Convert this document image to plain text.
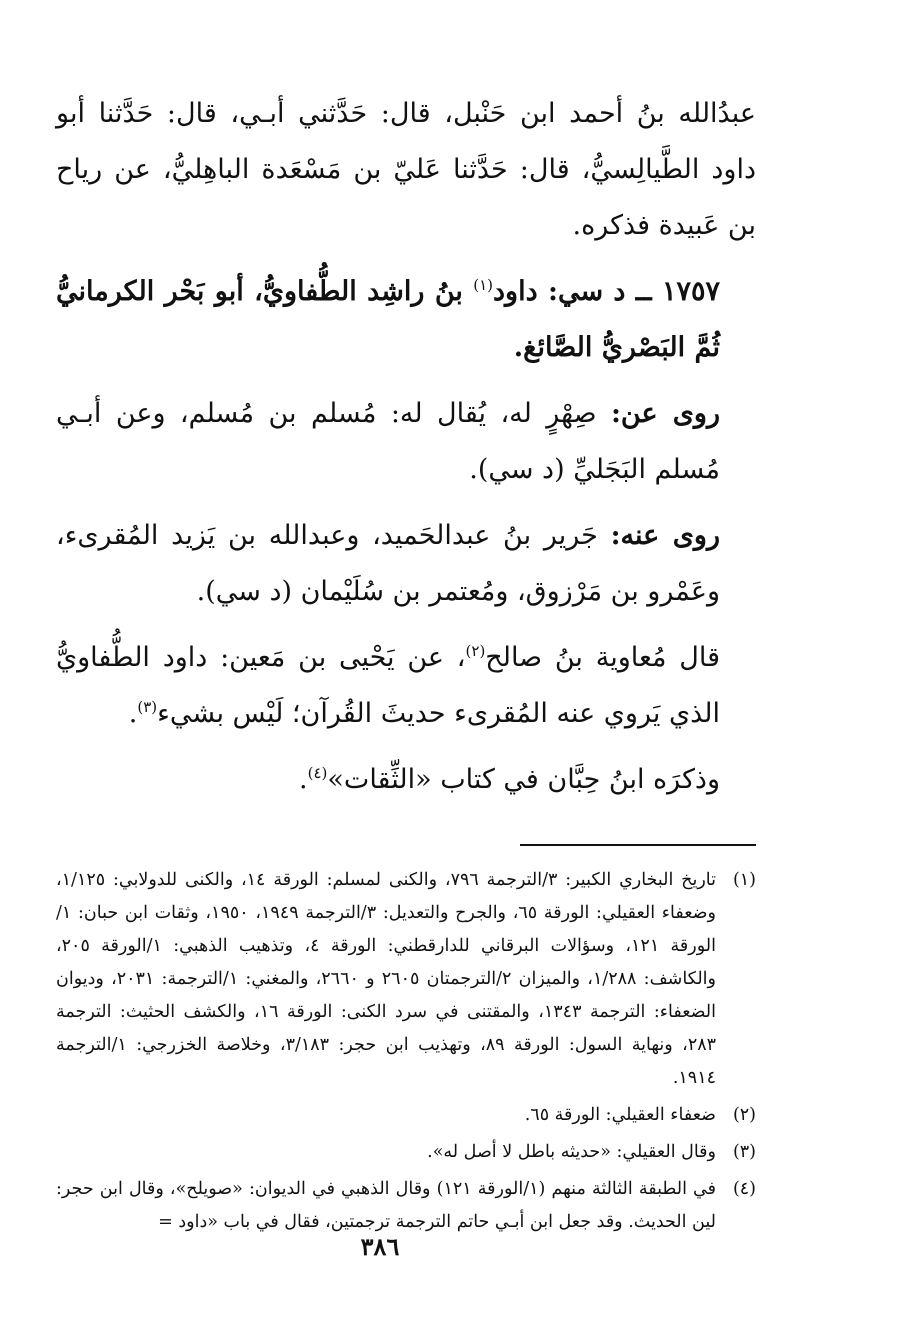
عبدُالله بنُ أحمد ابن حَنْبل، قال: حَدَّثني أبـي، قال: حَدَّثنا أبو داود الطَّيالِسيُّ، قال: حَدَّثنا عَليّ بن مَسْعَدة الباهِليُّ، عن رياح بن عَبيدة فذكره.

١٧٥٧ ــ د سي: داود$^{(١)}$ بنُ راشِد الطُّفاويُّ، أبو بَحْر الكرمانيُّ ثُمَّ البَصْريُّ الصَّائغ.

روى عن: صِهْرٍ له، يُقال له: مُسلم بن مُسلم، وعن أبـي مُسلم البَجَليِّ (د سي).

روى عنه: جَرير بنُ عبدالحَميد، وعبدالله بن يَزيد المُقرىء، وعَمْرو بن مَرْزوق، ومُعتمر بن سُلَيْمان (د سي).

قال مُعاوية بنُ صالح$^{(٢)}$، عن يَحْيى بن مَعين: داود الطُّفاويُّ الذي يَروي عنه المُقرىء حديثَ القُرآن؛ لَيْس بشيء$^{(٣)}$.

وذكرَه ابنُ حِبَّان في كتاب «الثِّقات»$^{(٤)}$.

(١)
تاريخ البخاري الكبير: ٣/الترجمة ٧٩٦، والكنى لمسلم: الورقة ١٤، والكنى للدولابي: ١/١٢٥، وضعفاء العقيلي: الورقة ٦٥، والجرح والتعديل: ٣/الترجمة ١٩٤٩، ١٩٥٠، وثقات ابن حبان: ١/الورقة ١٢١، وسؤالات البرقاني للدارقطني: الورقة ٤، وتذهيب الذهبي: ١/الورقة ٢٠٥، والكاشف: ١/٢٨٨، والميزان ٢/الترجمتان ٢٦٠٥ و ٢٦٦٠، والمغني: ١/الترجمة: ٢٠٣١، وديوان الضعفاء: الترجمة ١٣٤٣، والمقتنى في سرد الكنى: الورقة ١٦، والكشف الحثيث: الترجمة ٢٨٣، ونهاية السول: الورقة ٨٩، وتهذيب ابن حجر: ٣/١٨٣، وخلاصة الخزرجي: ١/الترجمة ١٩١٤.
(٢)
ضعفاء العقيلي: الورقة ٦٥.
(٣)
وقال العقيلي: «حديثه باطل لا أصل له».
(٤)
في الطبقة الثالثة منهم (١/الورقة ١٢١) وقال الذهبي في الديوان: «صويلح»، وقال ابن حجر: لين الحديث. وقد جعل ابن أبـي حاتم الترجمة ترجمتين، فقال في باب «داود =
٣٨٦
